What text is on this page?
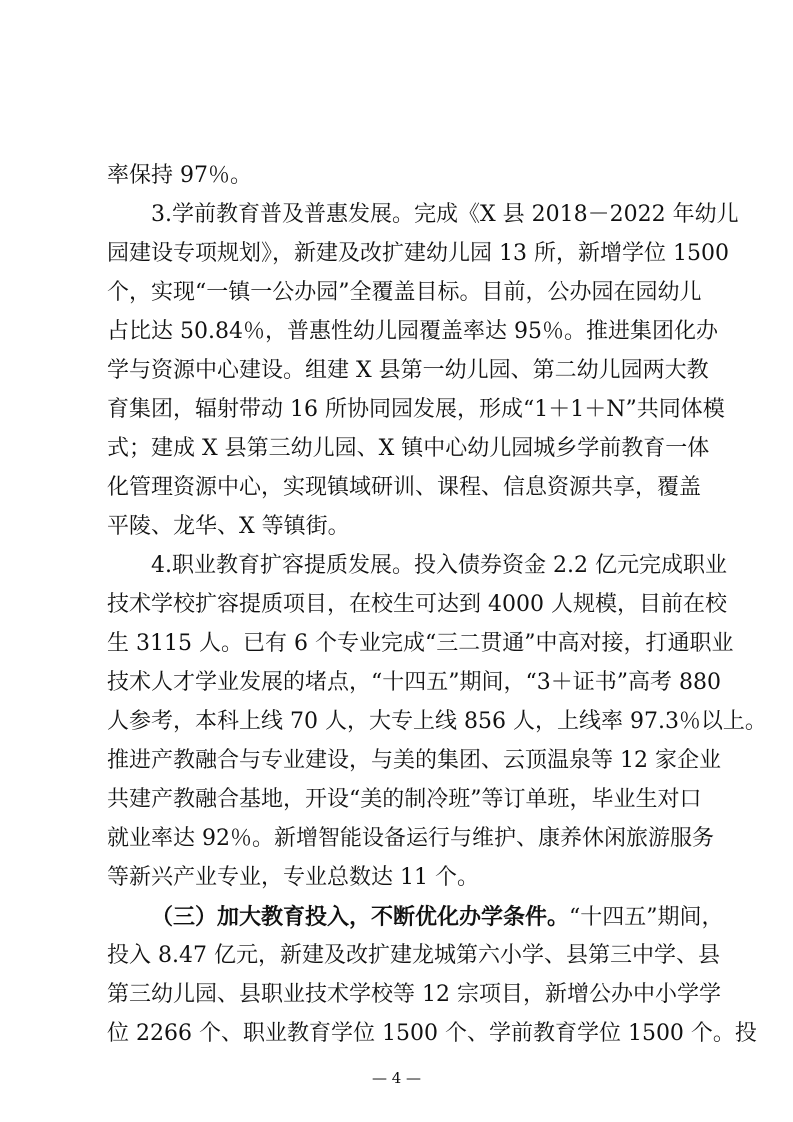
率保持 97％。
3.学前教育普及普惠发展。完成《X 县 2018－2022 年幼儿
园建设专项规划》，新建及改扩建幼儿园 13 所，新增学位 1500
个，实现“一镇一公办园”全覆盖目标。目前，公办园在园幼儿
占比达 50.84％，普惠性幼儿园覆盖率达 95％。推进集团化办
学与资源中心建设。组建 X 县第一幼儿园、第二幼儿园两大教
育集团，辐射带动 16 所协同园发展，形成“1＋1＋N”共同体模
式；建成 X 县第三幼儿园、X 镇中心幼儿园城乡学前教育一体
化管理资源中心，实现镇域研训、课程、信息资源共享，覆盖
平陵、龙华、X 等镇街。
4.职业教育扩容提质发展。投入债券资金 2.2 亿元完成职业
技术学校扩容提质项目，在校生可达到 4000 人规模，目前在校
生 3115 人。已有 6 个专业完成“三二贯通”中高对接，打通职业
技术人才学业发展的堵点，“十四五”期间，“3＋证书”高考 880
人参考，本科上线 70 人，大专上线 856 人，上线率 97.3％以上。
推进产教融合与专业建设，与美的集团、云顶温泉等 12 家企业
共建产教融合基地，开设“美的制冷班”等订单班，毕业生对口
就业率达 92％。新增智能设备运行与维护、康养休闲旅游服务
等新兴产业专业，专业总数达 11 个。
（三）加大教育投入，不断优化办学条件。“十四五”期间，
投入 8.47 亿元，新建及改扩建龙城第六小学、县第三中学、县
第三幼儿园、县职业技术学校等 12 宗项目，新增公办中小学学
位 2266 个、职业教育学位 1500 个、学前教育学位 1500 个。投
— 4 —
